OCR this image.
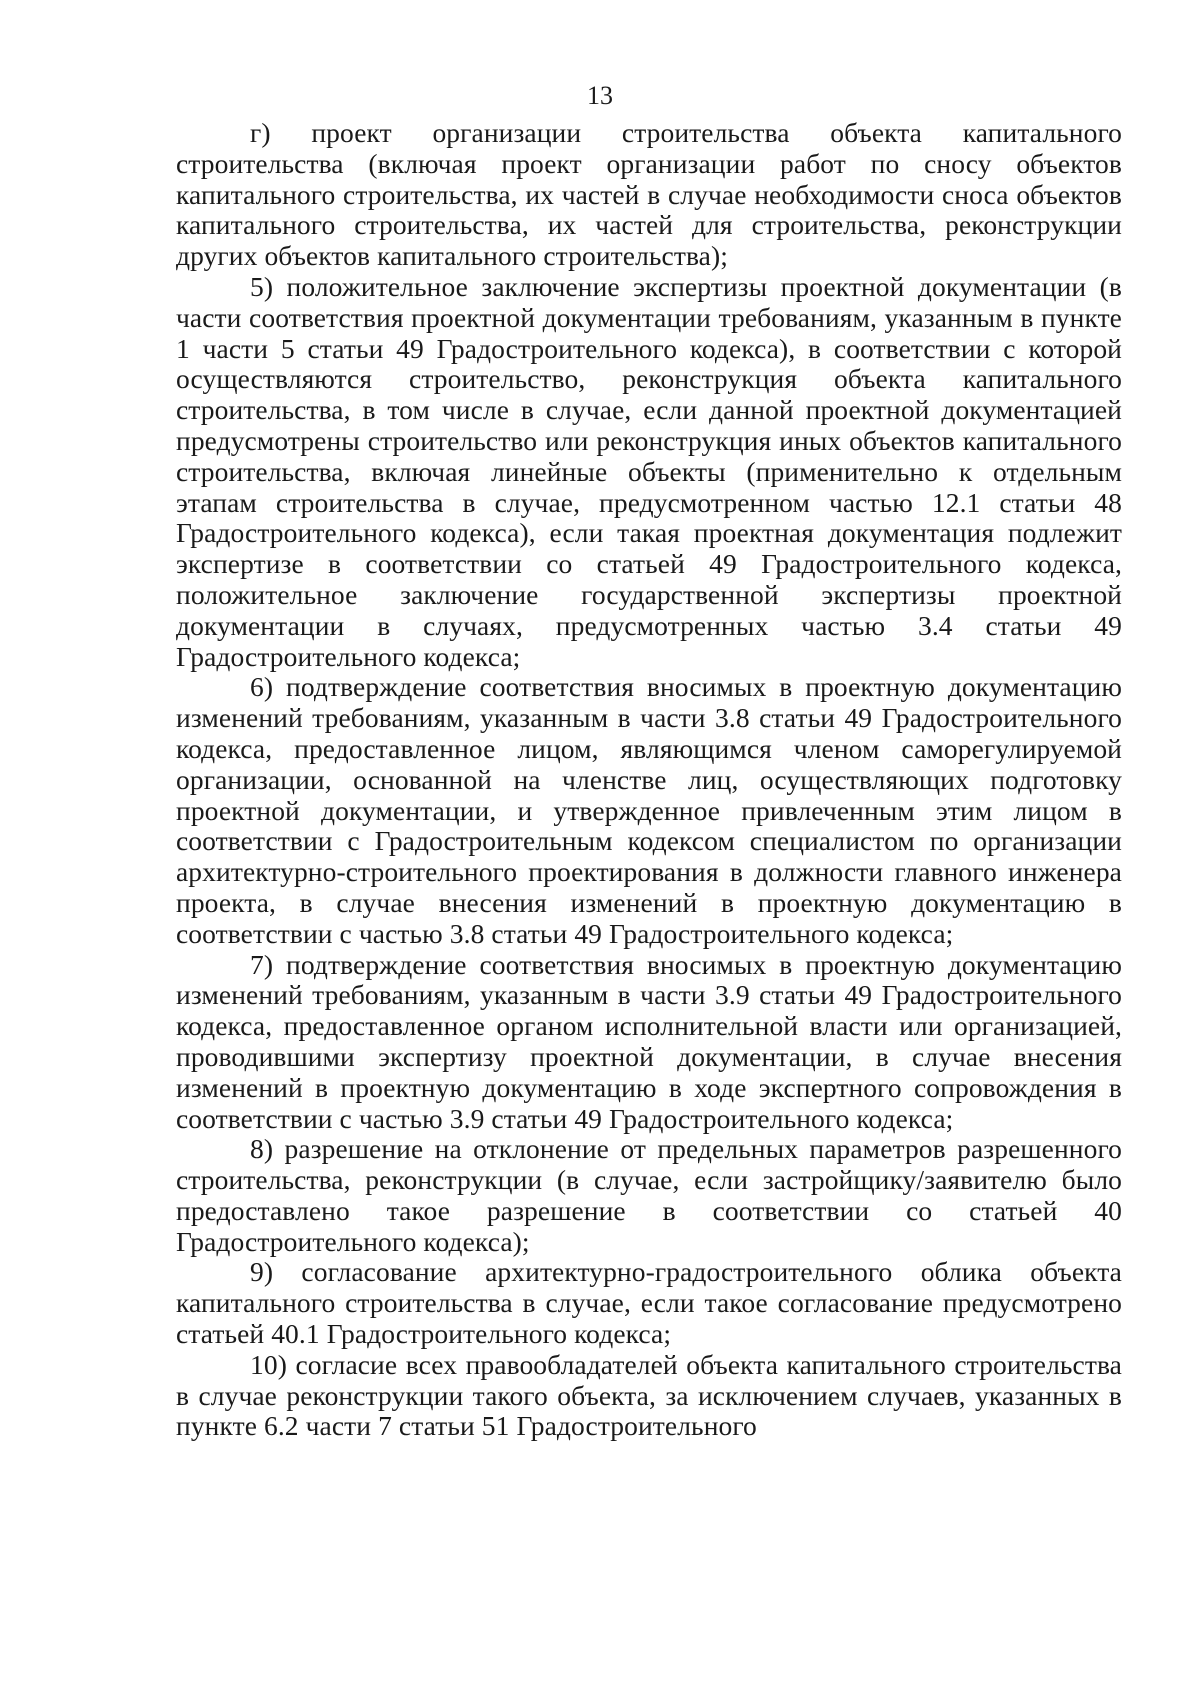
13

г) проект организации строительства объекта капитального строительства (включая проект организации работ по сносу объектов капитального строительства, их частей в случае необходимости сноса объектов капитального строительства, их частей для строительства, реконструкции других объектов капитального строительства);

5) положительное заключение экспертизы проектной документации (в части соответствия проектной документации требованиям, указанным в пункте 1 части 5 статьи 49 Градостроительного кодекса), в соответствии с которой осуществляются строительство, реконструкция объекта капитального строительства, в том числе в случае, если данной проектной документацией предусмотрены строительство или реконструкция иных объектов капитального строительства, включая линейные объекты (применительно к отдельным этапам строительства в случае, предусмотренном частью 12.1 статьи 48 Градостроительного кодекса), если такая проектная документация подлежит экспертизе в соответствии со статьей 49 Градостроительного кодекса, положительное заключение государственной экспертизы проектной документации в случаях, предусмотренных частью 3.4 статьи 49 Градостроительного кодекса;

6) подтверждение соответствия вносимых в проектную документацию изменений требованиям, указанным в части 3.8 статьи 49 Градостроительного кодекса, предоставленное лицом, являющимся членом саморегулируемой организации, основанной на членстве лиц, осуществляющих подготовку проектной документации, и утвержденное привлеченным этим лицом в соответствии с Градостроительным кодексом специалистом по организации архитектурно-строительного проектирования в должности главного инженера проекта, в случае внесения изменений в проектную документацию в соответствии с частью 3.8 статьи 49 Градостроительного кодекса;

7) подтверждение соответствия вносимых в проектную документацию изменений требованиям, указанным в части 3.9 статьи 49 Градостроительного кодекса, предоставленное органом исполнительной власти или организацией, проводившими экспертизу проектной документации, в случае внесения изменений в проектную документацию в ходе экспертного сопровождения в соответствии с частью 3.9 статьи 49 Градостроительного кодекса;

8) разрешение на отклонение от предельных параметров разрешенного строительства, реконструкции (в случае, если застройщику/заявителю было предоставлено такое разрешение в соответствии со статьей 40 Градостроительного кодекса);

9) согласование архитектурно-градостроительного облика объекта капитального строительства в случае, если такое согласование предусмотрено статьей 40.1 Градостроительного кодекса;

10) согласие всех правообладателей объекта капитального строительства в случае реконструкции такого объекта, за исключением случаев, указанных в пункте 6.2 части 7 статьи 51 Градостроительного
